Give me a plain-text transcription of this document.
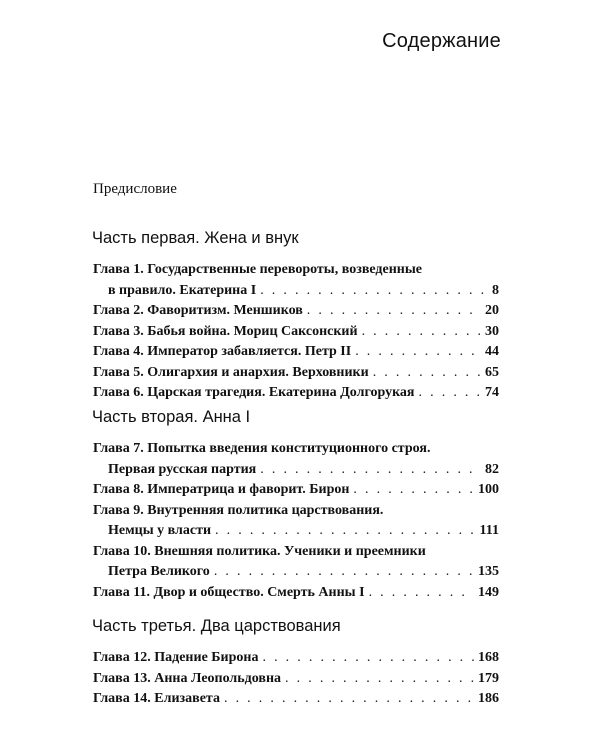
Содержание
Предисловие
Часть первая. Жена и внук
Глава 1. Государственные перевороты, возведенные
в правило. Екатерина I . . .	8
Глава 2. Фаворитизм. Меншиков . . .	20
Глава 3. Бабья война. Мориц Саксонский . . .	30
Глава 4. Император забавляется. Петр II . . .	44
Глава 5. Олигархия и анархия. Верховники . . .	65
Глава 6. Царская трагедия. Екатерина Долгорукая . . .	74
Часть вторая. Анна I
Глава 7. Попытка введения конституционного строя.
Первая русская партия . . .	82
Глава 8. Императрица и фаворит. Бирон . . .	100
Глава 9. Внутренняя политика царствования.
Немцы у власти . . .	111
Глава 10. Внешняя политика. Ученики и преемники
Петра Великого . . .	135
Глава 11. Двор и общество. Смерть Анны I . . .	149
Часть третья. Два царствования
Глава 12. Падение Бирона . . .	168
Глава 13. Анна Леопольдовна . . .	179
Глава 14. Елизавета . . .	186
